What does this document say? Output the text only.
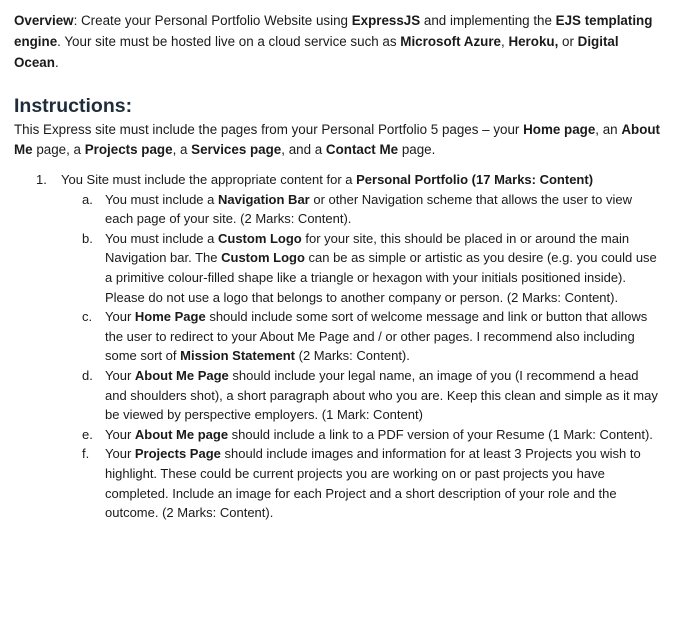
Overview: Create your Personal Portfolio Website using ExpressJS and implementing the EJS templating engine. Your site must be hosted live on a cloud service such as Microsoft Azure, Heroku, or Digital Ocean.

Instructions:

This Express site must include the pages from your Personal Portfolio 5 pages – your Home page, an About Me page, a Projects page, a Services page, and a Contact Me page.

1. You Site must include the appropriate content for a Personal Portfolio (17 Marks: Content)
a. You must include a Navigation Bar or other Navigation scheme that allows the user to view each page of your site. (2 Marks: Content).
b. You must include a Custom Logo for your site, this should be placed in or around the main Navigation bar. The Custom Logo can be as simple or artistic as you desire (e.g. you could use a primitive colour-filled shape like a triangle or hexagon with your initials positioned inside). Please do not use a logo that belongs to another company or person. (2 Marks: Content).
c. Your Home Page should include some sort of welcome message and link or button that allows the user to redirect to your About Me Page and / or other pages. I recommend also including some sort of Mission Statement (2 Marks: Content).
d. Your About Me Page should include your legal name, an image of you (I recommend a head and shoulders shot), a short paragraph about who you are. Keep this clean and simple as it may be viewed by perspective employers. (1 Mark: Content)
e. Your About Me page should include a link to a PDF version of your Resume (1 Mark: Content).
f. Your Projects Page should include images and information for at least 3 Projects you wish to highlight. These could be current projects you are working on or past projects you have completed. Include an image for each Project and a short description of your role and the outcome. (2 Marks: Content).
